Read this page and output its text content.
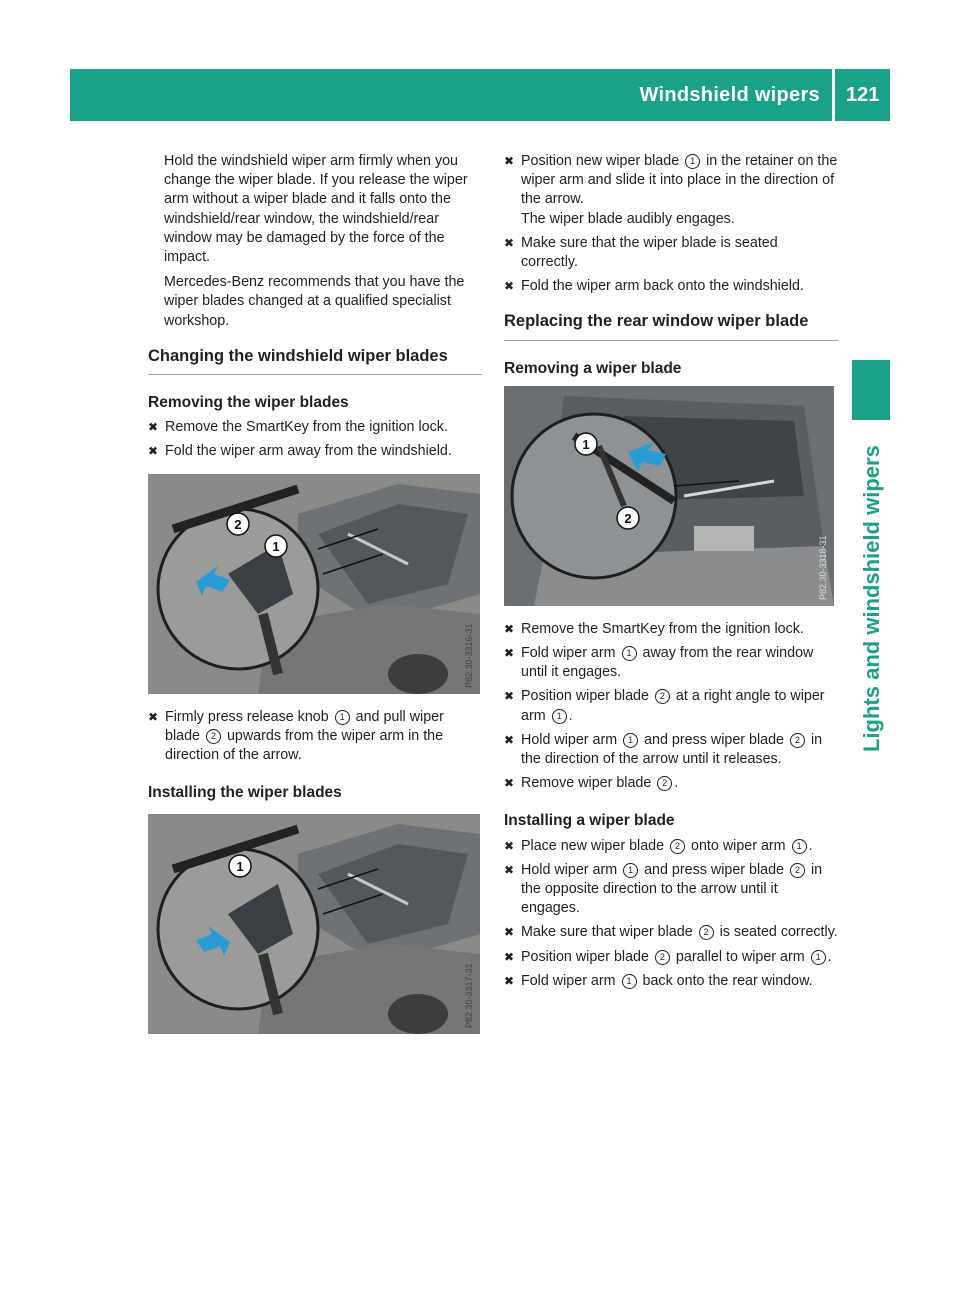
Windshield wipers 121
Lights and windshield wipers

Hold the windshield wiper arm firmly when you change the wiper blade. If you release the wiper arm without a wiper blade and it falls onto the windshield/rear window, the windshield/rear window may be damaged by the force of the impact.

Mercedes-Benz recommends that you have the wiper blades changed at a qualified specialist workshop.

Changing the windshield wiper blades
Removing the wiper blades
✖ Remove the SmartKey from the ignition lock.
✖ Fold the wiper arm away from the windshield.
2
1
P82.30-3316-31
✖ Firmly press release knob 1 and pull wiper blade 2 upwards from the wiper arm in the direction of the arrow.
Installing the wiper blades
1
P82.30-3317-31
✖ Position new wiper blade 1 in the retainer on the wiper arm and slide it into place in the direction of the arrow.
The wiper blade audibly engages.
✖ Make sure that the wiper blade is seated correctly.
✖ Fold the wiper arm back onto the windshield.
Replacing the rear window wiper blade
Removing a wiper blade
1
2
P82.30-3318-31
✖ Remove the SmartKey from the ignition lock.
✖ Fold wiper arm 1 away from the rear window until it engages.
✖ Position wiper blade 2 at a right angle to wiper arm 1 .
✖ Hold wiper arm 1 and press wiper blade 2 in the direction of the arrow until it releases.
✖ Remove wiper blade 2 .
Installing a wiper blade
✖ Place new wiper blade 2 onto wiper arm 1 .
✖ Hold wiper arm 1 and press wiper blade 2 in the opposite direction to the arrow until it engages.
✖ Make sure that wiper blade 2 is seated correctly.
✖ Position wiper blade 2 parallel to wiper arm 1 .
✖ Fold wiper arm 1 back onto the rear window.
